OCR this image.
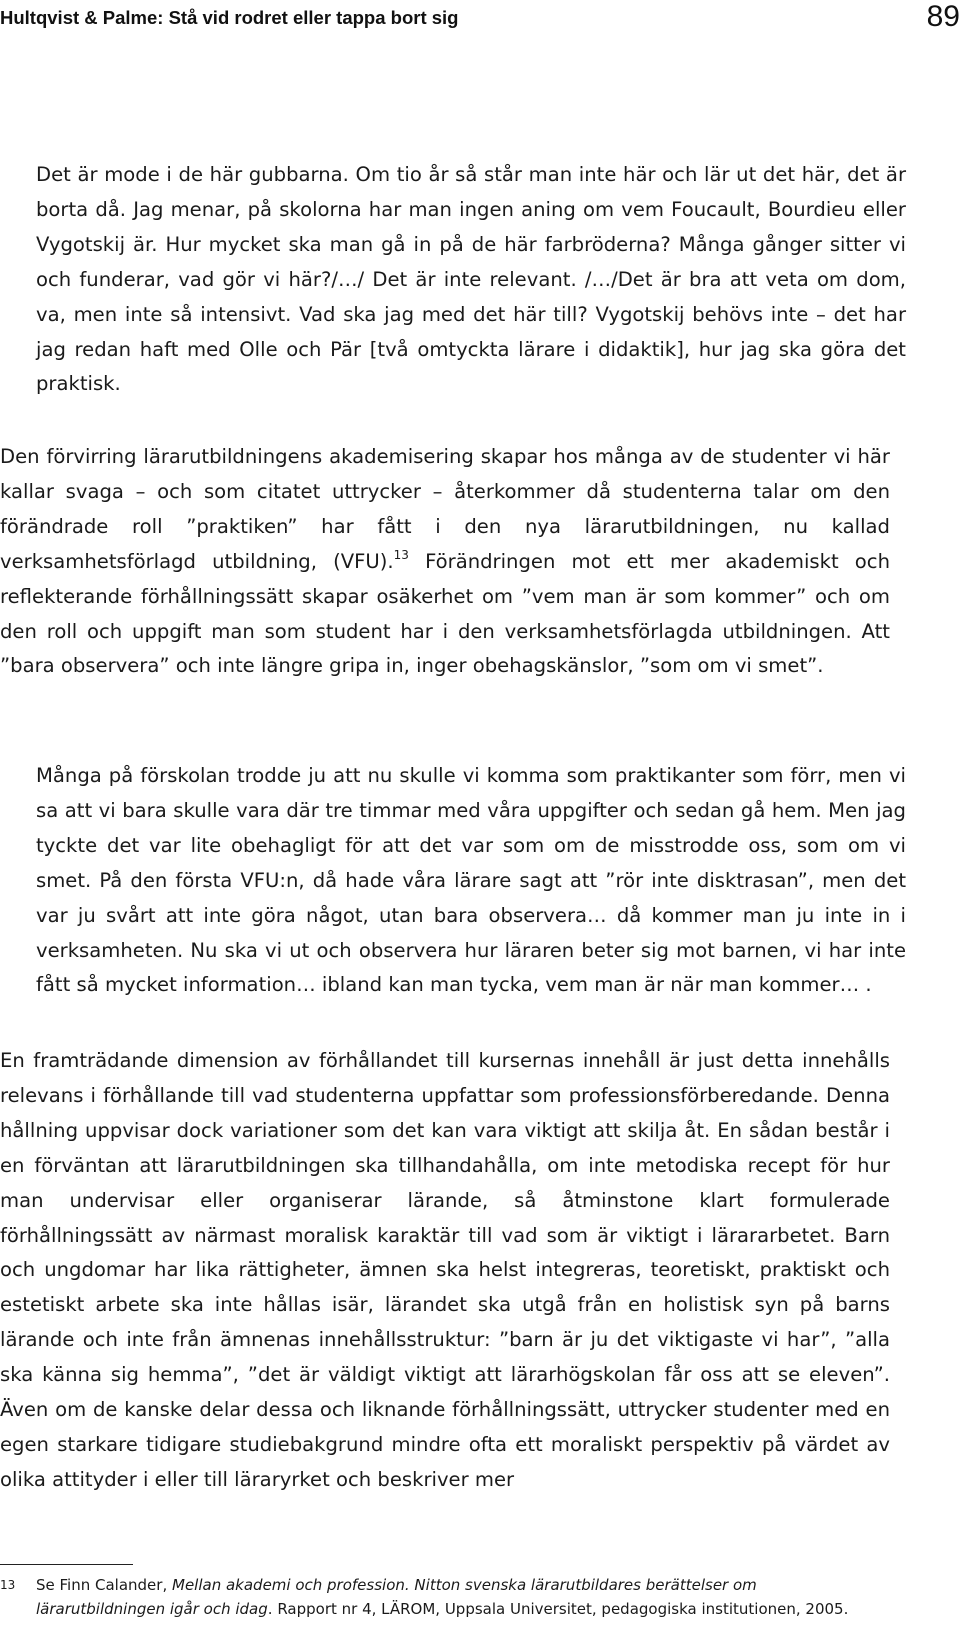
Hultqvist & Palme: Stå vid rodret eller tappa bort sig	89

Det är mode i de här gubbarna. Om tio år så står man inte här och lär ut det här, det är borta då. Jag menar, på skolorna har man ingen aning om vem Foucault, Bourdieu eller Vygotskij är. Hur mycket ska man gå in på de här farbröderna? Många gånger sitter vi och funderar, vad gör vi här?/…/ Det är inte relevant. /…/Det är bra att veta om dom, va, men inte så intensivt. Vad ska jag med det här till? Vygotskij behövs inte – det har jag redan haft med Olle och Pär [två omtyckta lärare i didaktik], hur jag ska göra det praktisk.

Den förvirring lärarutbildningens akademisering skapar hos många av de studenter vi här kallar svaga – och som citatet uttrycker – återkommer då studenterna talar om den förändrade roll ”praktiken” har fått i den nya lärarutbildningen, nu kallad verksamhetsförlagd utbildning, (VFU).$^{13}$ Förändringen mot ett mer akademiskt och reflekterande förhållningssätt skapar osäkerhet om ”vem man är som kommer” och om den roll och uppgift man som student har i den verksamhetsförlagda utbildningen. Att ”bara observera” och inte längre gripa in, inger obehagskänslor, ”som om vi smet”.

Många på förskolan trodde ju att nu skulle vi komma som praktikanter som förr, men vi sa att vi bara skulle vara där tre timmar med våra uppgifter och sedan gå hem. Men jag tyckte det var lite obehagligt för att det var som om de misstrodde oss, som om vi smet. På den första VFU:n, då hade våra lärare sagt att ”rör inte disktrasan”, men det var ju svårt att inte göra något, utan bara observera… då kommer man ju inte in i verksamheten. Nu ska vi ut och observera hur läraren beter sig mot barnen, vi har inte fått så mycket information… ibland kan man tycka, vem man är när man kommer… .

En framträdande dimension av förhållandet till kursernas innehåll är just detta innehålls relevans i förhållande till vad studenterna uppfattar som professionsförberedande. Denna hållning uppvisar dock variationer som det kan vara viktigt att skilja åt. En sådan består i en förväntan att lärarutbildningen ska tillhandahålla, om inte metodiska recept för hur man undervisar eller organiserar lärande, så åtminstone klart formulerade förhållningssätt av närmast moralisk karaktär till vad som är viktigt i lärararbetet. Barn och ungdomar har lika rättigheter, ämnen ska helst integreras, teoretiskt, praktiskt och estetiskt arbete ska inte hållas isär, lärandet ska utgå från en holistisk syn på barns lärande och inte från ämnenas innehållsstruktur: ”barn är ju det viktigaste vi har”, ”alla ska känna sig hemma”, ”det är väldigt viktigt att lärarhögskolan får oss att se eleven”. Även om de kanske delar dessa och liknande förhållningssätt, uttrycker studenter med en egen starkare tidigare studiebakgrund mindre ofta ett moraliskt perspektiv på värdet av olika attityder i eller till läraryrket och beskriver mer

13 Se Finn Calander, Mellan akademi och profession. Nitton svenska lärarutbildares berättelser om lärarutbildningen igår och idag. Rapport nr 4, LÄROM, Uppsala Universitet, pedagogiska institutionen, 2005.
